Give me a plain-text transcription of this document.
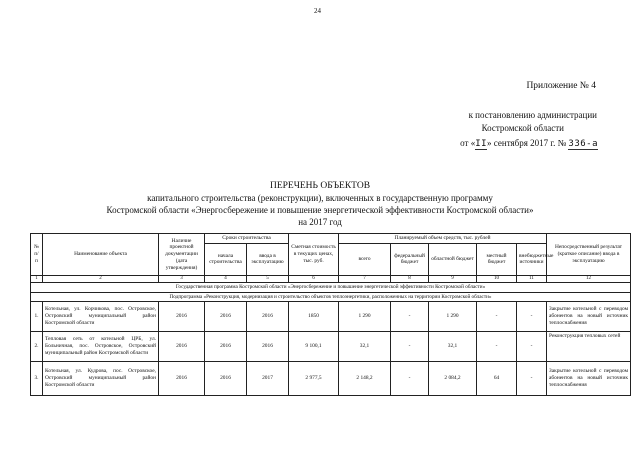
24
Приложение № 4
к постановлению администрации
Костромской области
от «II» сентября 2017 г. № 336-а
ПЕРЕЧЕНЬ ОБЪЕКТОВ
капитального строительства (реконструкции), включенных в государственную программу
Костромской области «Энергосбережение и повышение энергетической эффективности Костромской области»
на 2017 год
№ п/п	Наименование объекта	Наличие проектной документации (дата утверждения)	Сроки строительства		Сметная стоимость в текущих ценах, тыс. руб.	Планируемый объем средств, тыс. рублей					Непосредственный результат (краткое описание) ввода в эксплуатацию
			начала строительства	ввода в эксплуатацию		всего	федеральный бюджет	областной бюджет	местный бюджет	внебюджетные источники	
1	2	3	4	5	6	7	8	9	10	11	12
Государственная программа Костромской области «Энергосбережение и повышение энергетической эффективности Костромской области»											
Подпрограмма «Реконструкция, модернизация и строительство объектов теплоэнергетики, расположенных на территории Костромской области»											
1.	Котельная, ул. Корчикова, пос. Островское, Островский муниципальный район Костромской области	2016	2016	2016	1850	1 290	-	1 290	-	-	Закрытие котельной с переводом абонентов на новый источник теплоснабжения
2.	Тепловая сеть от котельной ЦРБ, ул. Больничная, пос. Островское, Островский муниципальный район Костромской области	2016	2016	2016	9 100,1	32,1	-	32,1	-	-	Реконструкция тепловых сетей
3.	Котельная, ул. Кудрова, пос. Островское, Островский муниципальный район Костромской области	2016	2016	2017	2 977,5	2 148,2	-	2 084,2	64	-	Закрытие котельной с переводом абонентов на новый источник теплоснабжения
